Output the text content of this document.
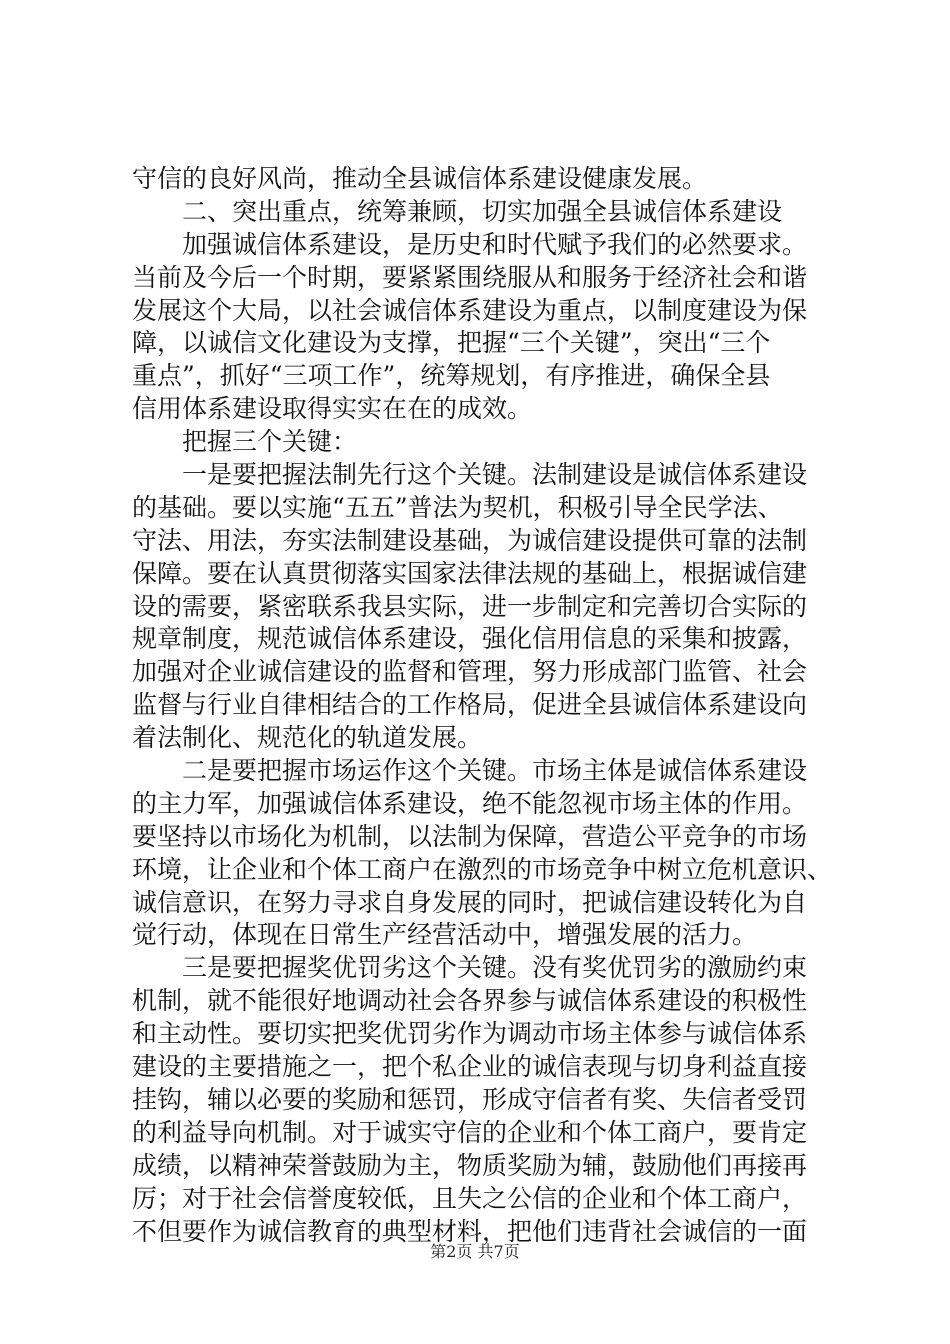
守信的良好风尚，推动全县诚信体系建设健康发展。
二、突出重点，统筹兼顾，切实加强全县诚信体系建设
加强诚信体系建设，是历史和时代赋予我们的必然要求。
当前及今后一个时期，要紧紧围绕服从和服务于经济社会和谐
发展这个大局，以社会诚信体系建设为重点，以制度建设为保
障，以诚信文化建设为支撑，把握“三个关键”，突出“三个
重点”，抓好“三项工作”，统筹规划，有序推进，确保全县
信用体系建设取得实实在在的成效。
把握三个关键：
一是要把握法制先行这个关键。法制建设是诚信体系建设
的基础。要以实施“五五”普法为契机，积极引导全民学法、
守法、用法，夯实法制建设基础，为诚信建设提供可靠的法制
保障。要在认真贯彻落实国家法律法规的基础上，根据诚信建
设的需要，紧密联系我县实际，进一步制定和完善切合实际的
规章制度，规范诚信体系建设，强化信用信息的采集和披露，
加强对企业诚信建设的监督和管理，努力形成部门监管、社会
监督与行业自律相结合的工作格局，促进全县诚信体系建设向
着法制化、规范化的轨道发展。
二是要把握市场运作这个关键。市场主体是诚信体系建设
的主力军，加强诚信体系建设，绝不能忽视市场主体的作用。
要坚持以市场化为机制，以法制为保障，营造公平竞争的市场
环境，让企业和个体工商户在激烈的市场竞争中树立危机意识、
诚信意识，在努力寻求自身发展的同时，把诚信建设转化为自
觉行动，体现在日常生产经营活动中，增强发展的活力。
三是要把握奖优罚劣这个关键。没有奖优罚劣的激励约束
机制，就不能很好地调动社会各界参与诚信体系建设的积极性
和主动性。要切实把奖优罚劣作为调动市场主体参与诚信体系
建设的主要措施之一，把个私企业的诚信表现与切身利益直接
挂钩，辅以必要的奖励和惩罚，形成守信者有奖、失信者受罚
的利益导向机制。对于诚实守信的企业和个体工商户，要肯定
成绩，以精神荣誉鼓励为主，物质奖励为辅，鼓励他们再接再
厉；对于社会信誉度较低，且失之公信的企业和个体工商户，
不但要作为诚信教育的典型材料，把他们违背社会诚信的一面
第2页 共7页
